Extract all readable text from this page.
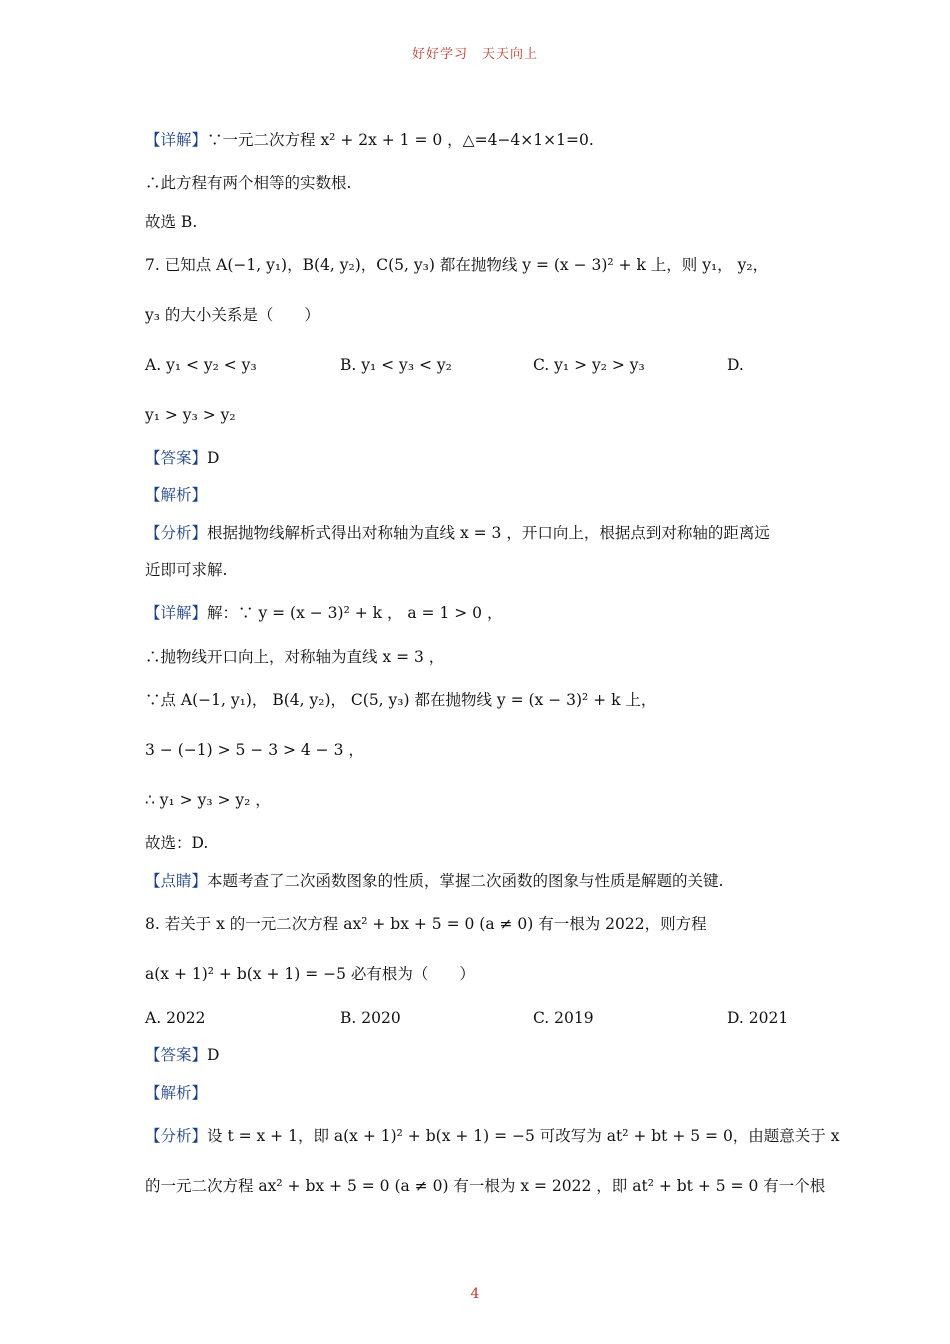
好好学习　天天向上
【详解】∵一元二次方程 x² + 2x + 1 = 0 ，△=4−4×1×1=0.
∴此方程有两个相等的实数根.
故选 B.
7. 已知点 A(−1, y₁)，B(4, y₂)，C(5, y₃) 都在抛物线 y = (x − 3)² + k 上，则 y₁， y₂，
y₃ 的大小关系是（　　）
y₁ > y₃ > y₂
【答案】D
【解析】
【分析】根据抛物线解析式得出对称轴为直线 x = 3 ，开口向上，根据点到对称轴的距离远
近即可求解.
【详解】解：∵ y = (x − 3)² + k ， a = 1 > 0 ，
∴抛物线开口向上，对称轴为直线 x = 3 ，
∵点 A(−1, y₁)， B(4, y₂)， C(5, y₃) 都在抛物线 y = (x − 3)² + k 上，
3 − (−1) > 5 − 3 > 4 − 3 ，
∴ y₁ > y₃ > y₂ ，
故选：D.
【点睛】本题考查了二次函数图象的性质，掌握二次函数的图象与性质是解题的关键.
8. 若关于 x 的一元二次方程 ax² + bx + 5 = 0 (a ≠ 0) 有一根为 2022，则方程
a(x + 1)² + b(x + 1) = −5 必有根为（　　）
【答案】D
【解析】
【分析】设 t = x + 1，即 a(x + 1)² + b(x + 1) = −5 可改写为 at² + bt + 5 = 0，由题意关于 x
的一元二次方程 ax² + bx + 5 = 0 (a ≠ 0) 有一根为 x = 2022 ，即 at² + bt + 5 = 0 有一个根
A. y₁ < y₂ < y₃	B. y₁ < y₃ < y₂	C. y₁ > y₂ > y₃	D.
A. 2022	B. 2020	C. 2019	D. 2021
4
